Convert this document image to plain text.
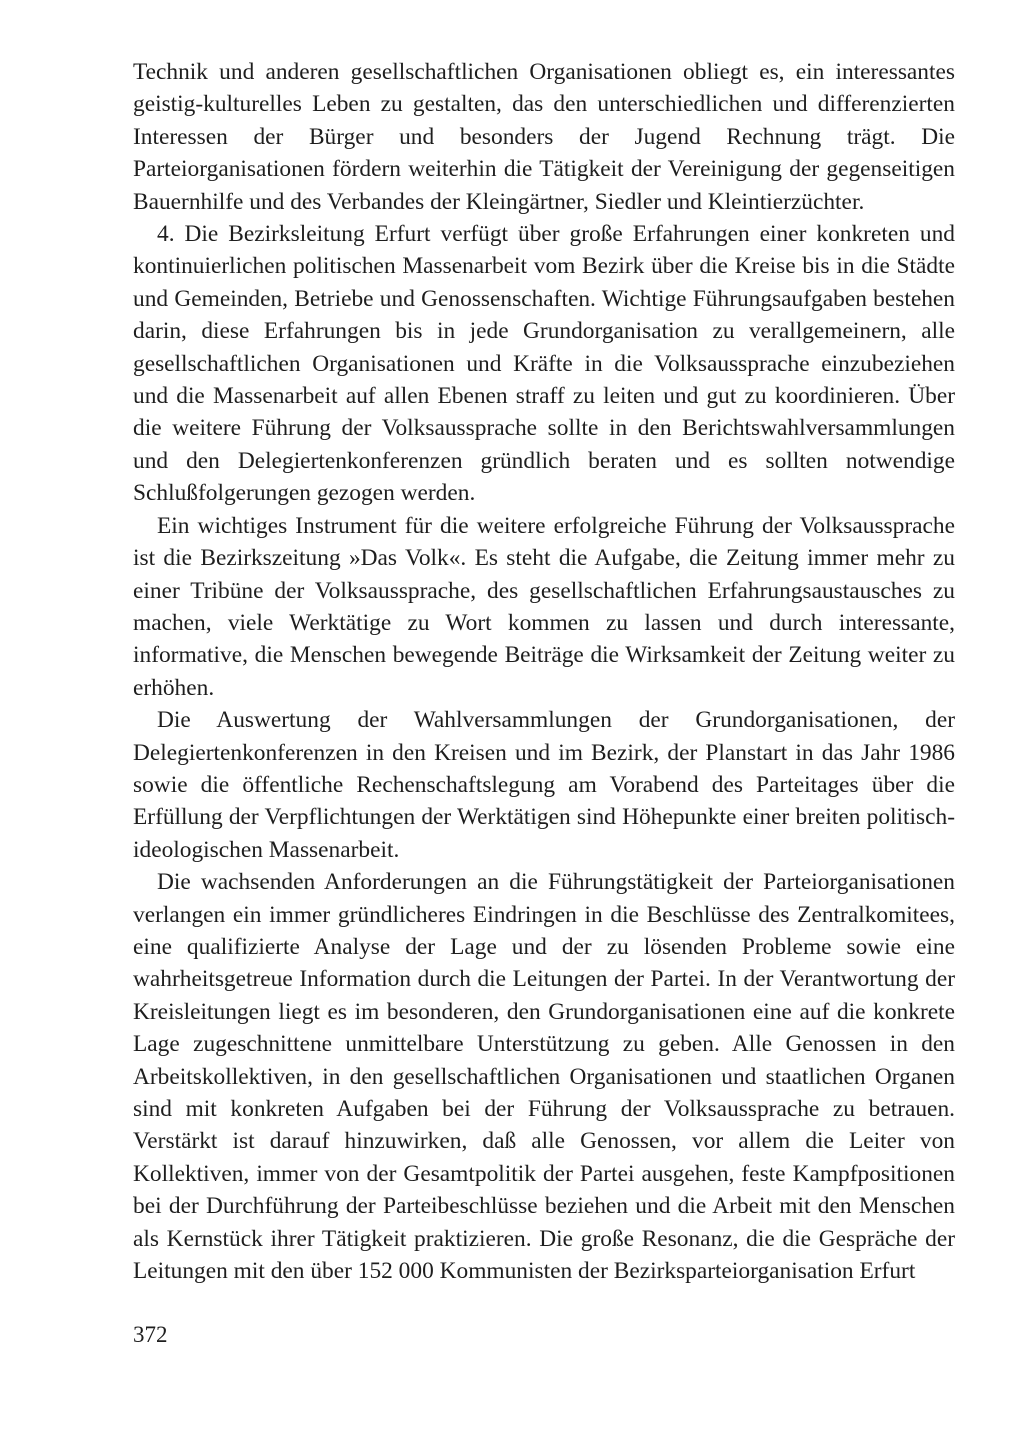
Technik und anderen gesellschaftlichen Organisationen obliegt es, ein interessantes geistig-kulturelles Leben zu gestalten, das den unterschiedlichen und differenzierten Interessen der Bürger und besonders der Jugend Rechnung trägt. Die Parteiorganisationen fördern weiterhin die Tätigkeit der Vereinigung der gegenseitigen Bauernhilfe und des Verbandes der Kleingärtner, Siedler und Kleintierzüchter.

4. Die Bezirksleitung Erfurt verfügt über große Erfahrungen einer konkreten und kontinuierlichen politischen Massenarbeit vom Bezirk über die Kreise bis in die Städte und Gemeinden, Betriebe und Genossenschaften. Wichtige Führungsaufgaben bestehen darin, diese Erfahrungen bis in jede Grundorganisation zu verallgemeinern, alle gesellschaftlichen Organisationen und Kräfte in die Volksaussprache einzubeziehen und die Massenarbeit auf allen Ebenen straff zu leiten und gut zu koordinieren. Über die weitere Führung der Volksaussprache sollte in den Berichtswahlversammlungen und den Delegiertenkonferenzen gründlich beraten und es sollten notwendige Schlußfolgerungen gezogen werden.

Ein wichtiges Instrument für die weitere erfolgreiche Führung der Volksaussprache ist die Bezirkszeitung »Das Volk«. Es steht die Aufgabe, die Zeitung immer mehr zu einer Tribüne der Volksaussprache, des gesellschaftlichen Erfahrungsaustausches zu machen, viele Werktätige zu Wort kommen zu lassen und durch interessante, informative, die Menschen bewegende Beiträge die Wirksamkeit der Zeitung weiter zu erhöhen.

Die Auswertung der Wahlversammlungen der Grundorganisationen, der Delegiertenkonferenzen in den Kreisen und im Bezirk, der Planstart in das Jahr 1986 sowie die öffentliche Rechenschaftslegung am Vorabend des Parteitages über die Erfüllung der Verpflichtungen der Werktätigen sind Höhepunkte einer breiten politisch-ideologischen Massenarbeit.

Die wachsenden Anforderungen an die Führungstätigkeit der Parteiorganisationen verlangen ein immer gründlicheres Eindringen in die Beschlüsse des Zentralkomitees, eine qualifizierte Analyse der Lage und der zu lösenden Probleme sowie eine wahrheitsgetreue Information durch die Leitungen der Partei. In der Verantwortung der Kreisleitungen liegt es im besonderen, den Grundorganisationen eine auf die konkrete Lage zugeschnittene unmittelbare Unterstützung zu geben. Alle Genossen in den Arbeitskollektiven, in den gesellschaftlichen Organisationen und staatlichen Organen sind mit konkreten Aufgaben bei der Führung der Volksaussprache zu betrauen. Verstärkt ist darauf hinzuwirken, daß alle Genossen, vor allem die Leiter von Kollektiven, immer von der Gesamtpolitik der Partei ausgehen, feste Kampfpositionen bei der Durchführung der Parteibeschlüsse beziehen und die Arbeit mit den Menschen als Kernstück ihrer Tätigkeit praktizieren. Die große Resonanz, die die Gespräche der Leitungen mit den über 152 000 Kommunisten der Bezirksparteiorganisation Erfurt

372
